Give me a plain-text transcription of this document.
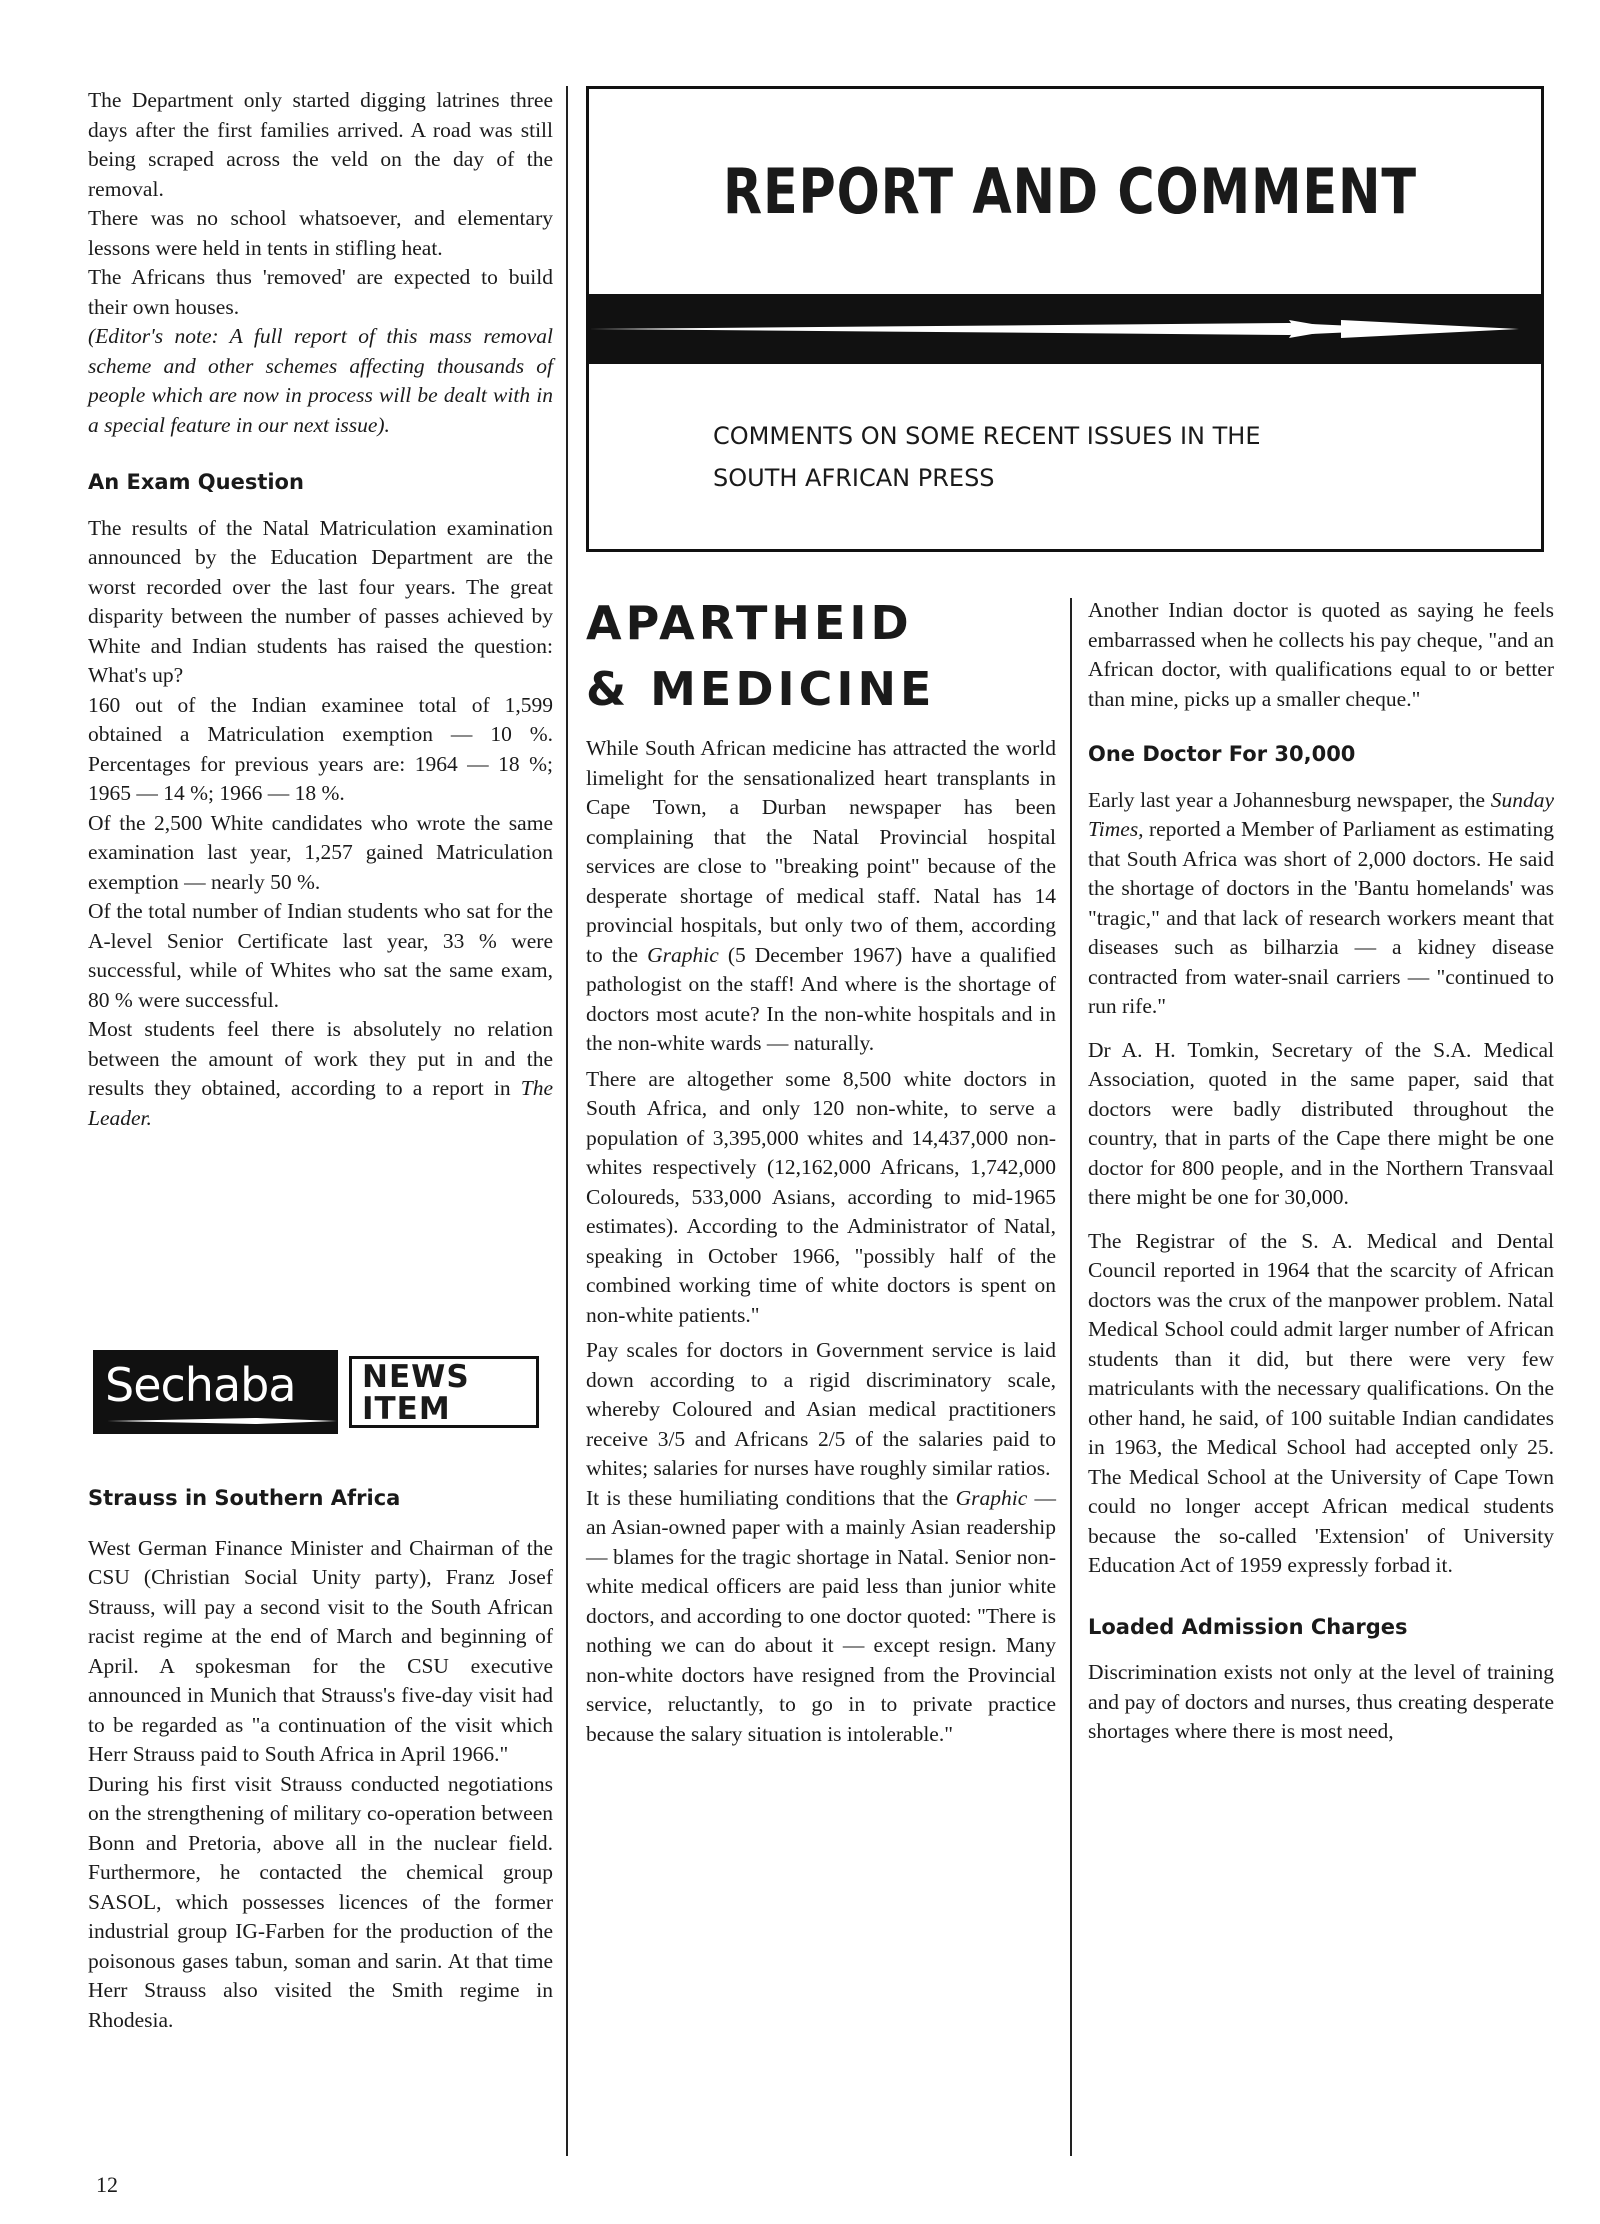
The Department only started digging latrines three days after the first families arrived. A road was still being scraped across the veld on the day of the removal.

There was no school whatsoever, and elementary lessons were held in tents in stifling heat.

The Africans thus 'removed' are expected to build their own houses.

(Editor's note: A full report of this mass removal scheme and other schemes affecting thousands of people which are now in process will be dealt with in a special feature in our next issue).

An Exam Question

The results of the Natal Matriculation examination announced by the Education Department are the worst recorded over the last four years. The great disparity between the number of passes achieved by White and Indian students has raised the question: What's up?

160 out of the Indian examinee total of 1,599 obtained a Matriculation exemption — 10 %. Percentages for previous years are: 1964 — 18 %; 1965 — 14 %; 1966 — 18 %.

Of the 2,500 White candidates who wrote the same examination last year, 1,257 gained Matriculation exemption — nearly 50 %.

Of the total number of Indian students who sat for the A-level Senior Certificate last year, 33 % were successful, while of Whites who sat the same exam, 80 % were successful.

Most students feel there is absolutely no relation between the amount of work they put in and the results they obtained, according to a report in The Leader.

Sechaba NEWS

ITEM

Strauss in Southern Africa

West German Finance Minister and Chairman of the CSU (Christian Social Unity party), Franz Josef Strauss, will pay a second visit to the South African racist regime at the end of March and beginning of April. A spokesman for the CSU executive announced in Munich that Strauss's five-day visit had to be regarded as "a continuation of the visit which Herr Strauss paid to South Africa in April 1966."

During his first visit Strauss conducted negotiations on the strengthening of military co-operation between Bonn and Pretoria, above all in the nuclear field. Furthermore, he contacted the chemical group SASOL, which possesses licences of the former industrial group IG-Farben for the production of the poisonous gases tabun, soman and sarin. At that time Herr Strauss also visited the Smith regime in Rhodesia.

12

REPORT AND COMMENT

COMMENTS ON SOME RECENT ISSUES IN THE
SOUTH AFRICAN PRESS

APARTHEID
& MEDICINE

While South African medicine has attracted the world limelight for the sensationalized heart transplants in Cape Town, a Durban newspaper has been complaining that the Natal Provincial hospital services are close to "breaking point" because of the desperate shortage of medical staff. Natal has 14 provincial hospitals, but only two of them, according to the Graphic (5 December 1967) have a qualified pathologist on the staff! And where is the shortage of doctors most acute? In the non-white hospitals and in the non-white wards — naturally.

There are altogether some 8,500 white doctors in South Africa, and only 120 non-white, to serve a population of 3,395,000 whites and 14,437,000 non-whites respectively (12,162,000 Africans, 1,742,000 Coloureds, 533,000 Asians, according to mid-1965 estimates). According to the Administrator of Natal, speaking in October 1966, "possibly half of the combined working time of white doctors is spent on non-white patients."

Pay scales for doctors in Government service is laid down according to a rigid discriminatory scale, whereby Coloured and Asian medical practitioners receive 3/5 and Africans 2/5 of the salaries paid to whites; salaries for nurses have roughly similar ratios.

It is these humiliating conditions that the Graphic — an Asian-owned paper with a mainly Asian readership — blames for the tragic shortage in Natal. Senior non-white medical officers are paid less than junior white doctors, and according to one doctor quoted: "There is nothing we can do about it — except resign. Many non-white doctors have resigned from the Provincial service, reluctantly, to go in to private practice because the salary situation is intolerable."

Another Indian doctor is quoted as saying he feels embarrassed when he collects his pay cheque, "and an African doctor, with qualifications equal to or better than mine, picks up a smaller cheque."

One Doctor For 30,000

Early last year a Johannesburg newspaper, the Sunday Times, reported a Member of Parliament as estimating that South Africa was short of 2,000 doctors. He said the shortage of doctors in the 'Bantu homelands' was "tragic," and that lack of research workers meant that diseases such as bilharzia — a kidney disease contracted from water-snail carriers — "continued to run rife."

Dr A. H. Tomkin, Secretary of the S.A. Medical Association, quoted in the same paper, said that doctors were badly distributed throughout the country, that in parts of the Cape there might be one doctor for 800 people, and in the Northern Transvaal there might be one for 30,000.

The Registrar of the S. A. Medical and Dental Council reported in 1964 that the scarcity of African doctors was the crux of the manpower problem. Natal Medical School could admit larger number of African students than it did, but there were very few matriculants with the necessary qualifications. On the other hand, he said, of 100 suitable Indian candidates in 1963, the Medical School had accepted only 25. The Medical School at the University of Cape Town could no longer accept African medical students because the so-called 'Extension' of University Education Act of 1959 expressly forbad it.

Loaded Admission Charges

Discrimination exists not only at the level of training and pay of doctors and nurses, thus creating desperate shortages where there is most need,
